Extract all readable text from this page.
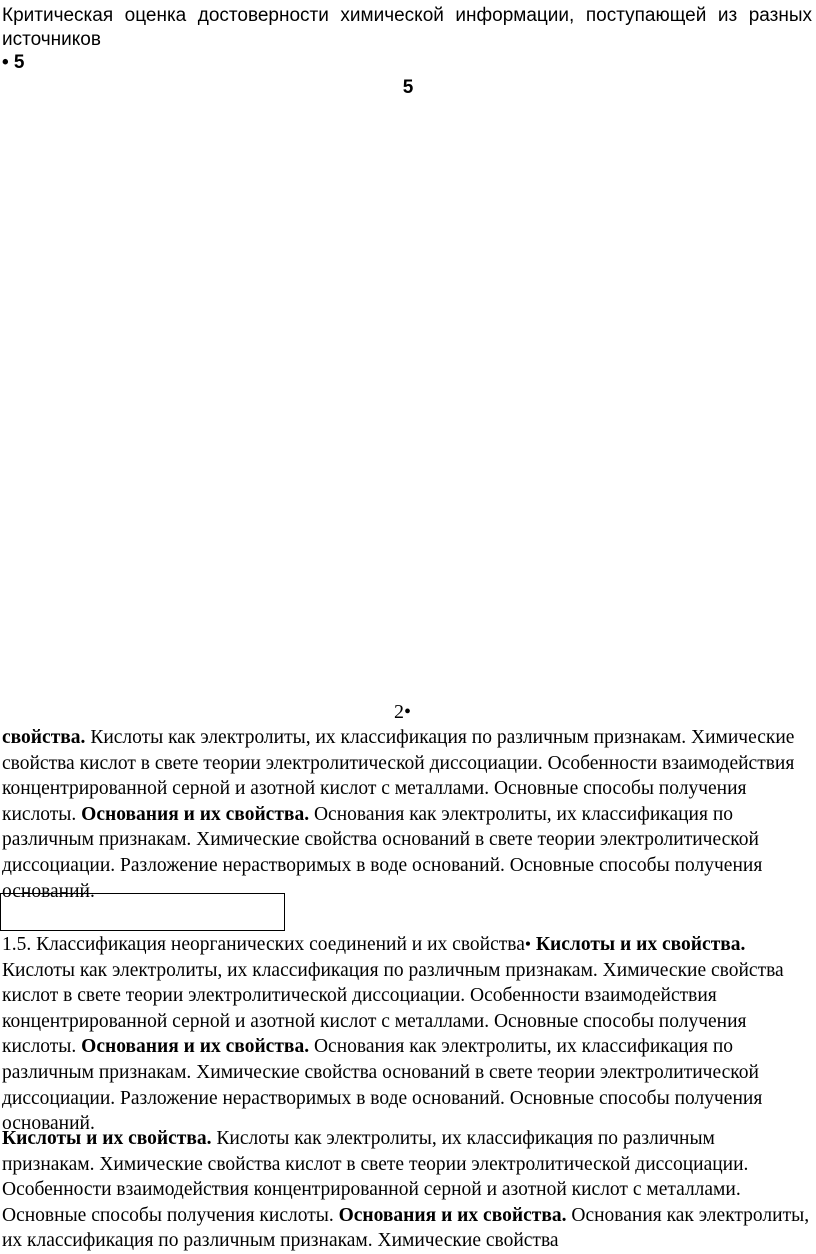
Критическая оценка достоверности химической информации, поступающей из разных источников

• 5

5

2•

свойства. Кислоты как электролиты, их классификация по различным признакам. Химические свойства кислот в свете теории электролитической диссоциации. Особенности взаимодействия концентрированной серной и азотной кислот с металлами. Основные способы получения кислоты. Основания и их свойства. Основания как электролиты, их классификация по различным признакам. Химические свойства оснований в свете теории электролитической диссоциации. Разложение нерастворимых в воде оснований. Основные способы получения оснований.

1.5. Классификация неорганических соединений и их свойства• Кислоты и их свойства. Кислоты как электролиты, их классификация по различным признакам. Химические свойства кислот в свете теории электролитической диссоциации. Особенности взаимодействия концентрированной серной и азотной кислот с металлами. Основные способы получения кислоты. Основания и их свойства. Основания как электролиты, их классификация по различным признакам. Химические свойства оснований в свете теории электролитической диссоциации. Разложение нерастворимых в воде оснований. Основные способы получения оснований.

Кислоты и их свойства. Кислоты как электролиты, их классификация по различным признакам. Химические свойства кислот в свете теории электролитической диссоциации. Особенности взаимодействия концентрированной серной и азотной кислот с металлами. Основные способы получения кислоты. Основания и их свойства. Основания как электролиты, их классификация по различным признакам. Химические свойства
